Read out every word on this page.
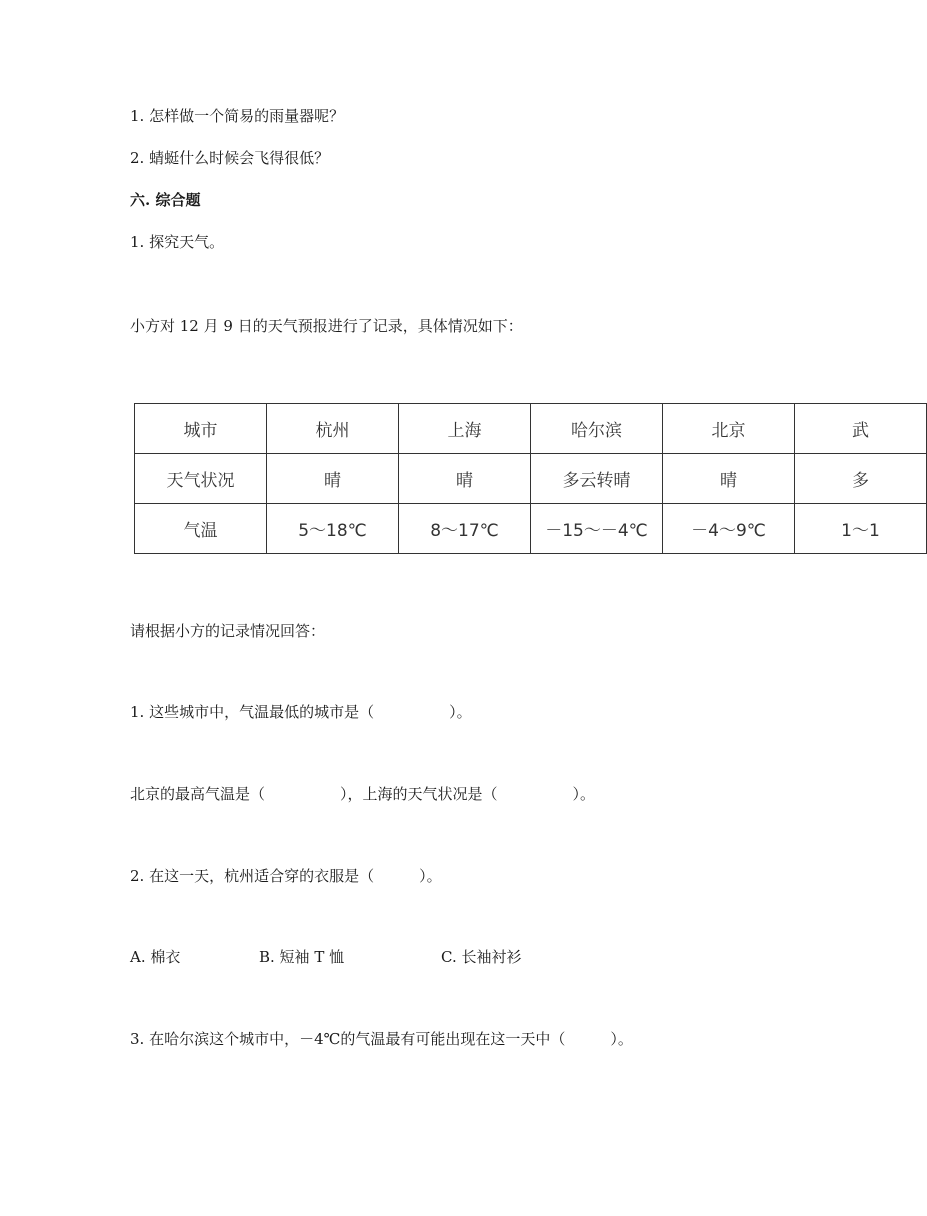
1. 怎样做一个简易的雨量器呢？

2. 蜻蜓什么时候会飞得很低？

六. 综合题

1. 探究天气。

小方对 12 月 9 日的天气预报进行了记录，具体情况如下：

城市	杭州	上海	哈尔滨	北京	武
天气状况	晴	晴	多云转晴	晴	多
气温	5～18℃	8～17℃	－15～－4℃	－4～9℃	1～1

请根据小方的记录情况回答：

1. 这些城市中，气温最低的城市是（　　　　　）。

北京的最高气温是（　　　　　），上海的天气状况是（　　　　　）。

2. 在这一天，杭州适合穿的衣服是（　　　）。

A. 棉衣	B. 短袖 T 恤	C. 长袖衬衫

3. 在哈尔滨这个城市中，－4℃的气温最有可能出现在这一天中（　　　）。
